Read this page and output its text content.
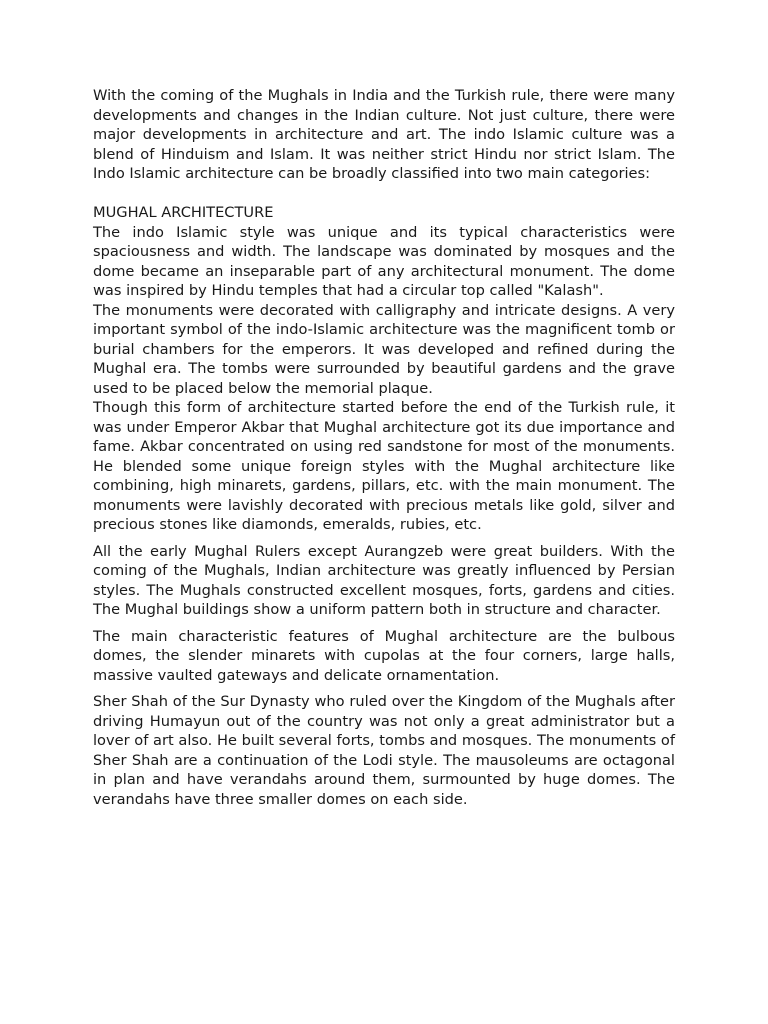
With the coming of the Mughals in India and the Turkish rule, there were many developments and changes in the Indian culture. Not just culture, there were major developments in architecture and art. The indo Islamic culture was a blend of Hinduism and Islam. It was neither strict Hindu nor strict Islam. The Indo Islamic architecture can be broadly classified into two main categories:

MUGHAL ARCHITECTURE

The indo Islamic style was unique and its typical characteristics were spaciousness and width. The landscape was dominated by mosques and the dome became an inseparable part of any architectural monument. The dome was inspired by Hindu temples that had a circular top called "Kalash".

The monuments were decorated with calligraphy and intricate designs. A very important symbol of the indo-Islamic architecture was the magnificent tomb or burial chambers for the emperors. It was developed and refined during the Mughal era. The tombs were surrounded by beautiful gardens and the grave used to be placed below the memorial plaque.

Though this form of architecture started before the end of the Turkish rule, it was under Emperor Akbar that Mughal architecture got its due importance and fame. Akbar concentrated on using red sandstone for most of the monuments. He blended some unique foreign styles with the Mughal architecture like combining, high minarets, gardens, pillars, etc. with the main monument. The monuments were lavishly decorated with precious metals like gold, silver and precious stones like diamonds, emeralds, rubies, etc.

All the early Mughal Rulers except Aurangzeb were great builders. With the coming of the Mughals, Indian architecture was greatly influenced by Persian styles. The Mughals constructed excellent mosques, forts, gardens and cities. The Mughal buildings show a uniform pattern both in structure and character.

The main characteristic features of Mughal architecture are the bulbous domes, the slender minarets with cupolas at the four corners, large halls, massive vaulted gateways and delicate ornamentation.

Sher Shah of the Sur Dynasty who ruled over the Kingdom of the Mughals after driving Humayun out of the country was not only a great administrator but a lover of art also. He built several forts, tombs and mosques. The monuments of Sher Shah are a continuation of the Lodi style. The mausoleums are octagonal in plan and have verandahs around them, surmounted by huge domes. The verandahs have three smaller domes on each side.
